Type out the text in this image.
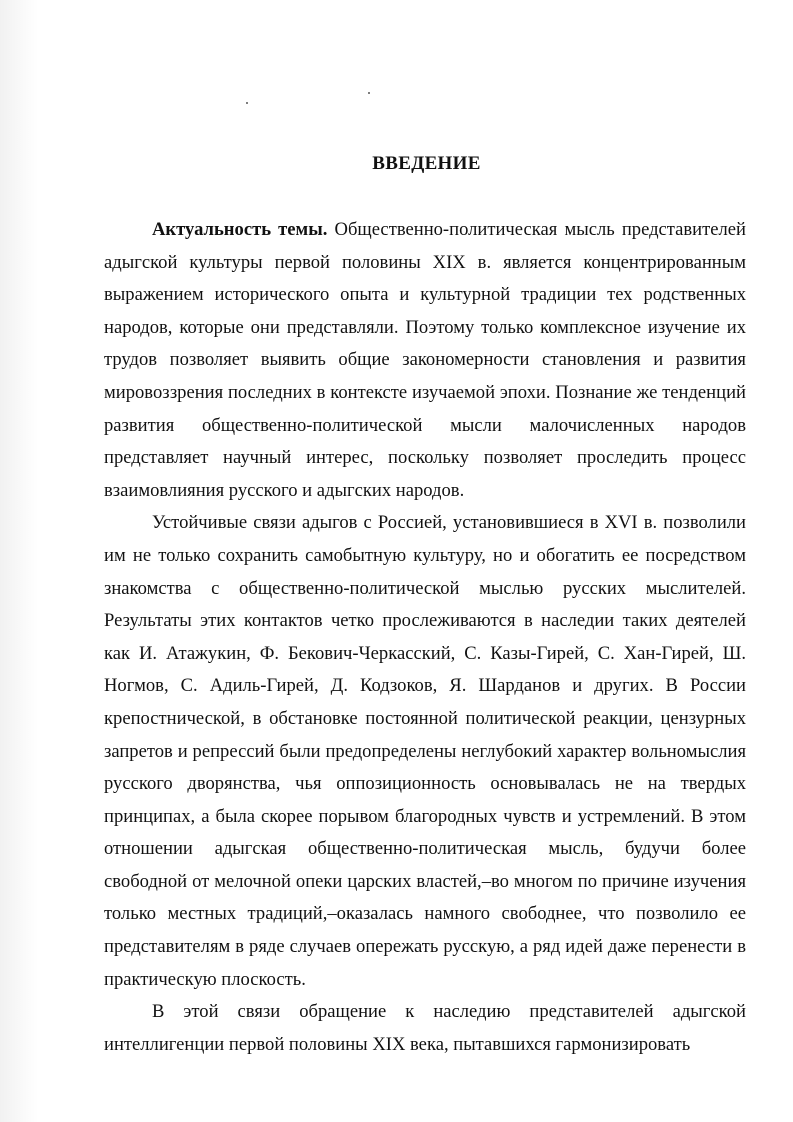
ВВЕДЕНИЕ

Актуальность темы. Общественно-политическая мысль представителей адыгской культуры первой половины XIX в. является концентрированным выражением исторического опыта и культурной традиции тех родственных народов, которые они представляли. Поэтому только комплексное изучение их трудов позволяет выявить общие закономерности становления и развития мировоззрения последних в контексте изучаемой эпохи. Познание же тенденций развития общественно-политической мысли малочисленных народов представляет научный интерес, поскольку позволяет проследить процесс взаимовлияния русского и адыгских народов.

Устойчивые связи адыгов с Россией, установившиеся в XVI в. позволили им не только сохранить самобытную культуру, но и обогатить ее посредством знакомства с общественно-политической мыслью русских мыслителей. Результаты этих контактов четко прослеживаются в наследии таких деятелей как И. Атажукин, Ф. Бекович-Черкасский, С. Казы-Гирей, С. Хан-Гирей, Ш. Ногмов, С. Адиль-Гирей, Д. Кодзоков, Я. Шарданов и других. В России крепостнической, в обстановке постоянной политической реакции, цензурных запретов и репрессий были предопределены неглубокий характер вольномыслия русского дворянства, чья оппозиционность основывалась не на твердых принципах, а была скорее порывом благородных чувств и устремлений. В этом отношении адыгская общественно-политическая мысль, будучи более свободной от мелочной опеки царских властей,–во многом по причине изучения только местных традиций,–оказалась намного свободнее, что позволило ее представителям в ряде случаев опережать русскую, а ряд идей даже перенести в практическую плоскость.

В этой связи обращение к наследию представителей адыгской интеллигенции первой половины XIX века, пытавшихся гармонизировать
